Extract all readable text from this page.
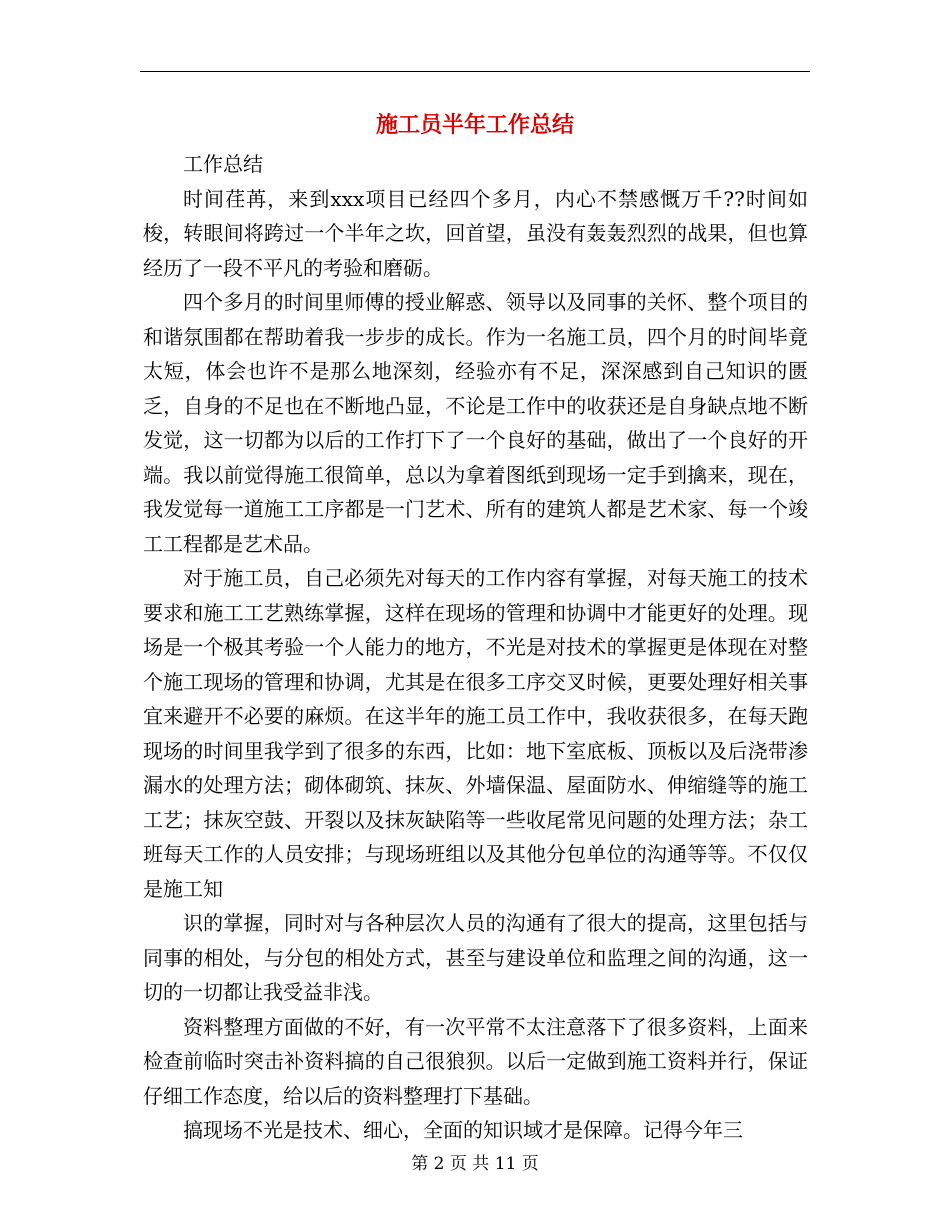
施工员半年工作总结

工作总结

时间荏苒，来到xxx项目已经四个多月，内心不禁感慨万千??时间如梭，转眼间将跨过一个半年之坎，回首望，虽没有轰轰烈烈的战果，但也算经历了一段不平凡的考验和磨砺。

四个多月的时间里师傅的授业解惑、领导以及同事的关怀、整个项目的和谐氛围都在帮助着我一步步的成长。作为一名施工员，四个月的时间毕竟太短，体会也许不是那么地深刻，经验亦有不足，深深感到自己知识的匮乏，自身的不足也在不断地凸显，不论是工作中的收获还是自身缺点地不断发觉，这一切都为以后的工作打下了一个良好的基础，做出了一个良好的开端。我以前觉得施工很简单，总以为拿着图纸到现场一定手到擒来，现在，我发觉每一道施工工序都是一门艺术、所有的建筑人都是艺术家、每一个竣工工程都是艺术品。

对于施工员，自己必须先对每天的工作内容有掌握，对每天施工的技术要求和施工工艺熟练掌握，这样在现场的管理和协调中才能更好的处理。现场是一个极其考验一个人能力的地方，不光是对技术的掌握更是体现在对整个施工现场的管理和协调，尤其是在很多工序交叉时候，更要处理好相关事宜来避开不必要的麻烦。在这半年的施工员工作中，我收获很多，在每天跑现场的时间里我学到了很多的东西，比如：地下室底板、顶板以及后浇带渗漏水的处理方法；砌体砌筑、抹灰、外墙保温、屋面防水、伸缩缝等的施工工艺；抹灰空鼓、开裂以及抹灰缺陷等一些收尾常见问题的处理方法；杂工班每天工作的人员安排；与现场班组以及其他分包单位的沟通等等。不仅仅是施工知

识的掌握，同时对与各种层次人员的沟通有了很大的提高，这里包括与同事的相处，与分包的相处方式，甚至与建设单位和监理之间的沟通，这一切的一切都让我受益非浅。

资料整理方面做的不好，有一次平常不太注意落下了很多资料，上面来检查前临时突击补资料搞的自己很狼狈。以后一定做到施工资料并行，保证仔细工作态度，给以后的资料整理打下基础。

搞现场不光是技术、细心，全面的知识域才是保障。记得今年三

第 2 页 共 11 页
